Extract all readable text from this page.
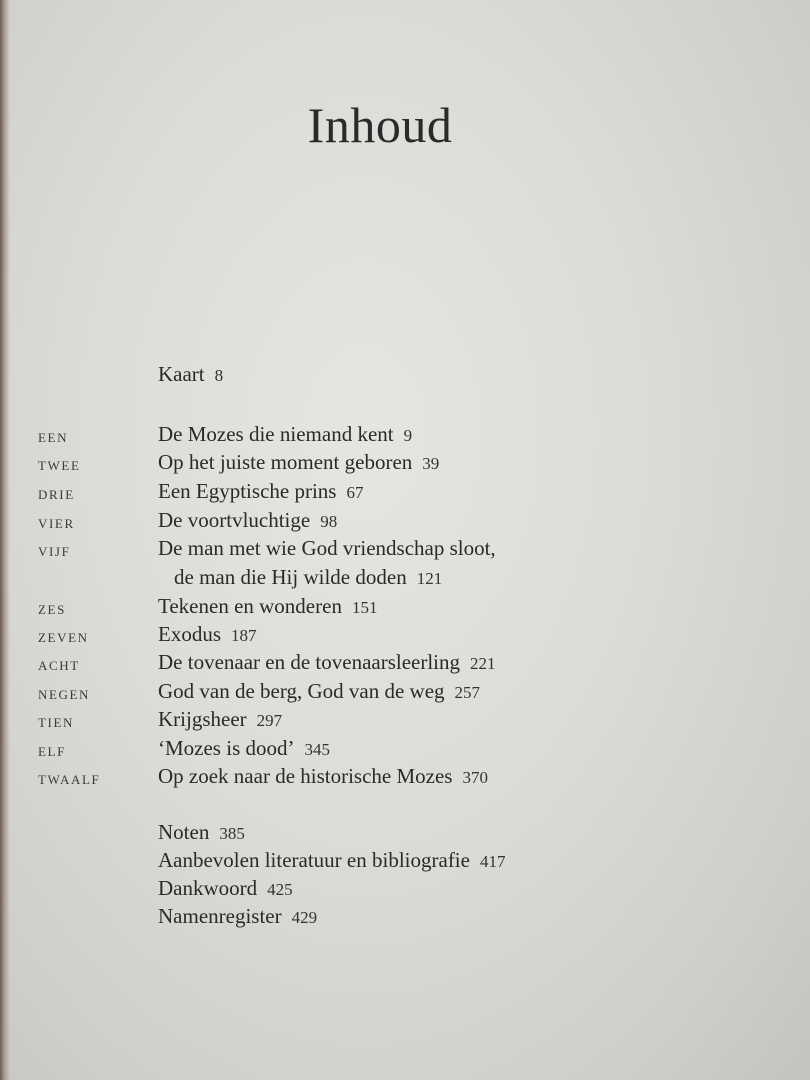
Inhoud
Kaart 8
EEN	De Mozes die niemand kent 9
TWEE	Op het juiste moment geboren 39
DRIE	Een Egyptische prins 67
VIER	De voortvluchtige 98
VIJF	De man met wie God vriendschap sloot,
de man die Hij wilde doden 121
ZES	Tekenen en wonderen 151
ZEVEN	Exodus 187
ACHT	De tovenaar en de tovenaarsleerling 221
NEGEN	God van de berg, God van de weg 257
TIEN	Krijgsheer 297
ELF	‘Mozes is dood’ 345
TWAALF	Op zoek naar de historische Mozes 370
Noten 385
Aanbevolen literatuur en bibliografie 417
Dankwoord 425
Namenregister 429
